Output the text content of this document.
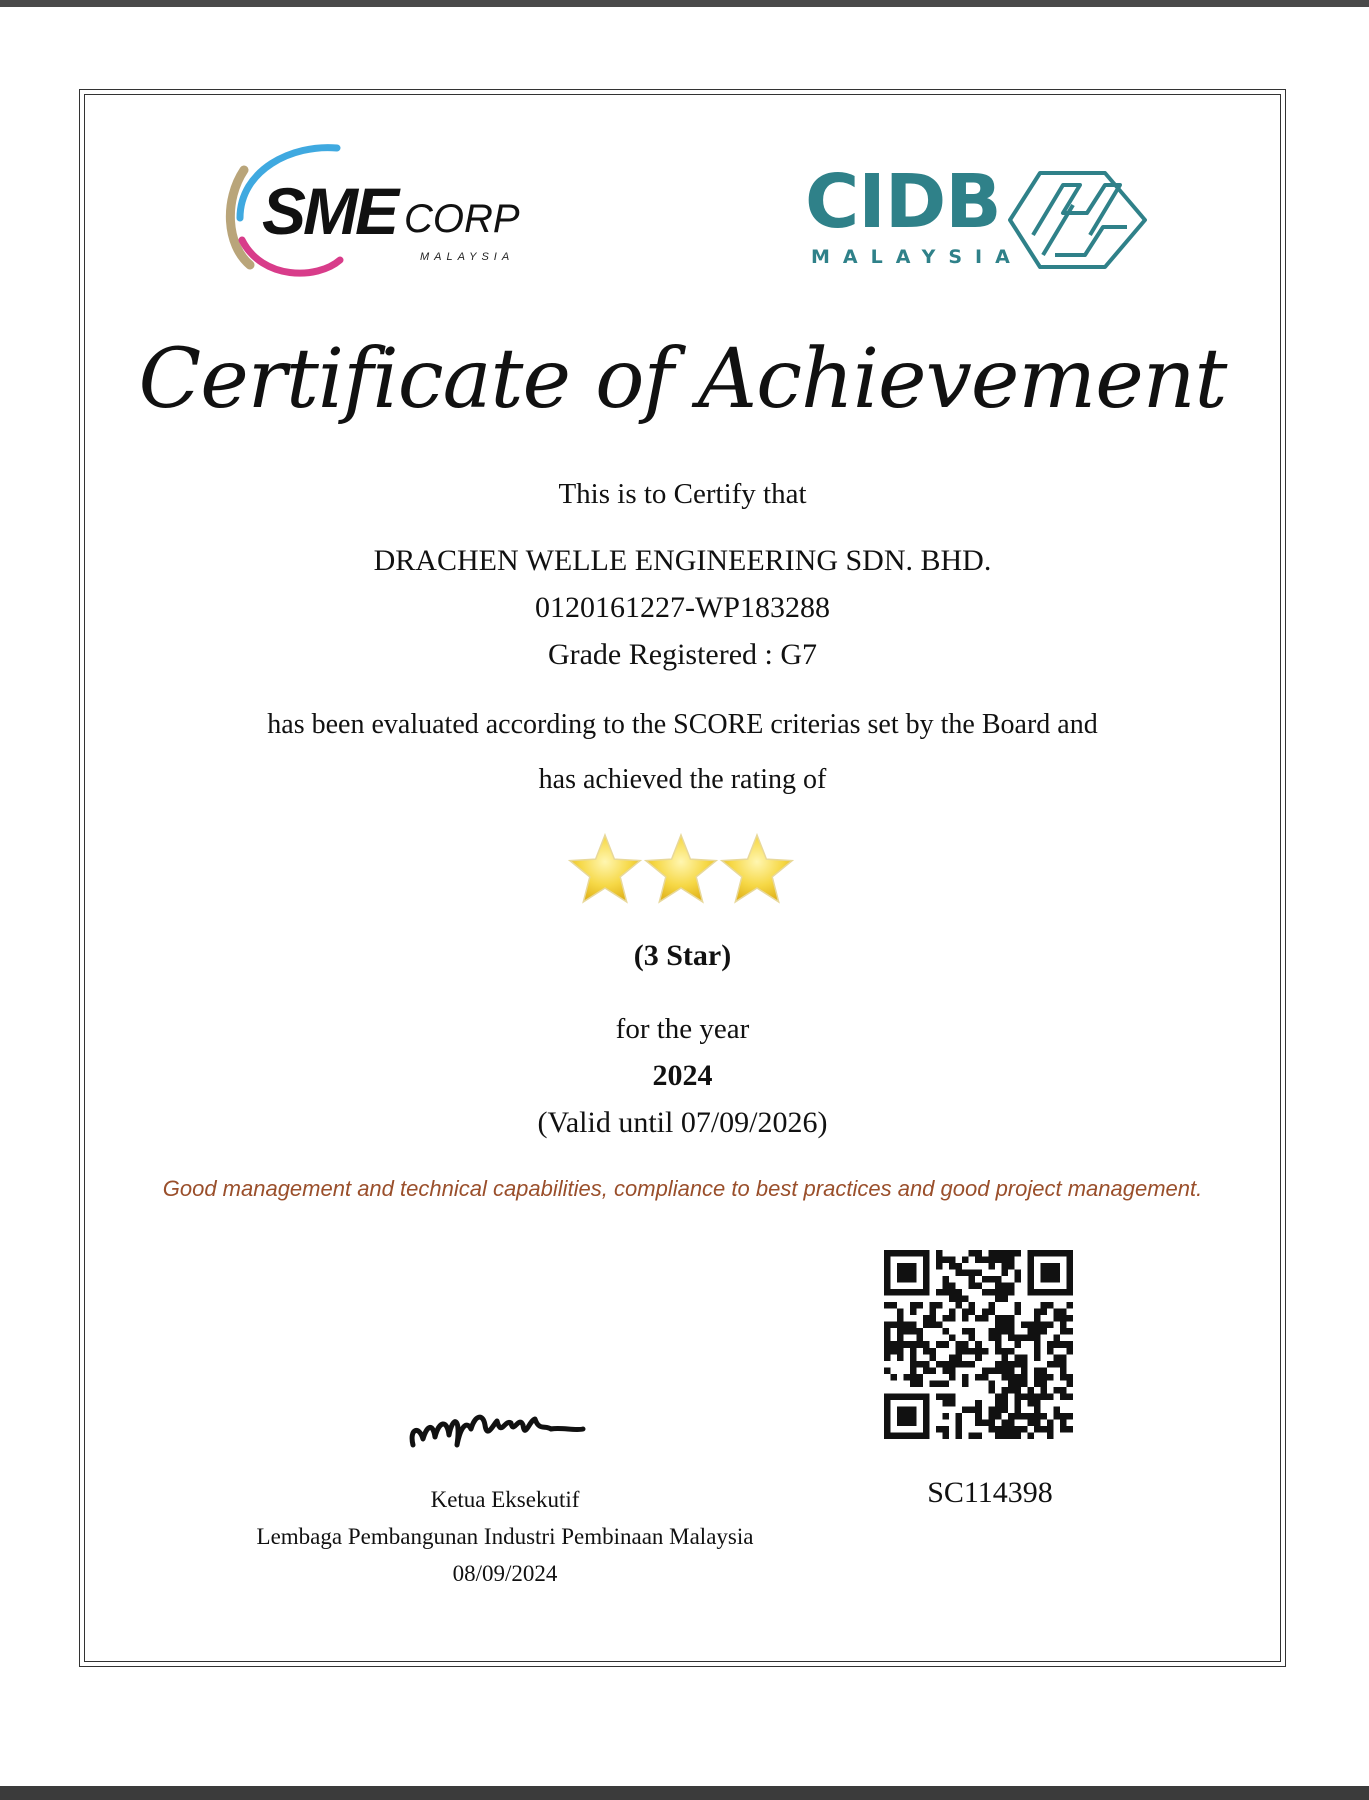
SME CORP
MALAYSIA
CIDB
MALAYSIA
Certificate of Achievement
This is to Certify that
DRACHEN WELLE ENGINEERING SDN. BHD.
0120161227-WP183288
Grade Registered : G7
has been evaluated according to the SCORE criterias set by the Board and
has achieved the rating of
(3 Star)
for the year
2024
(Valid until 07/09/2026)
Good management and technical capabilities, compliance to best practices and good project management.
Ketua Eksekutif
Lembaga Pembangunan Industri Pembinaan Malaysia
08/09/2024
SC114398
